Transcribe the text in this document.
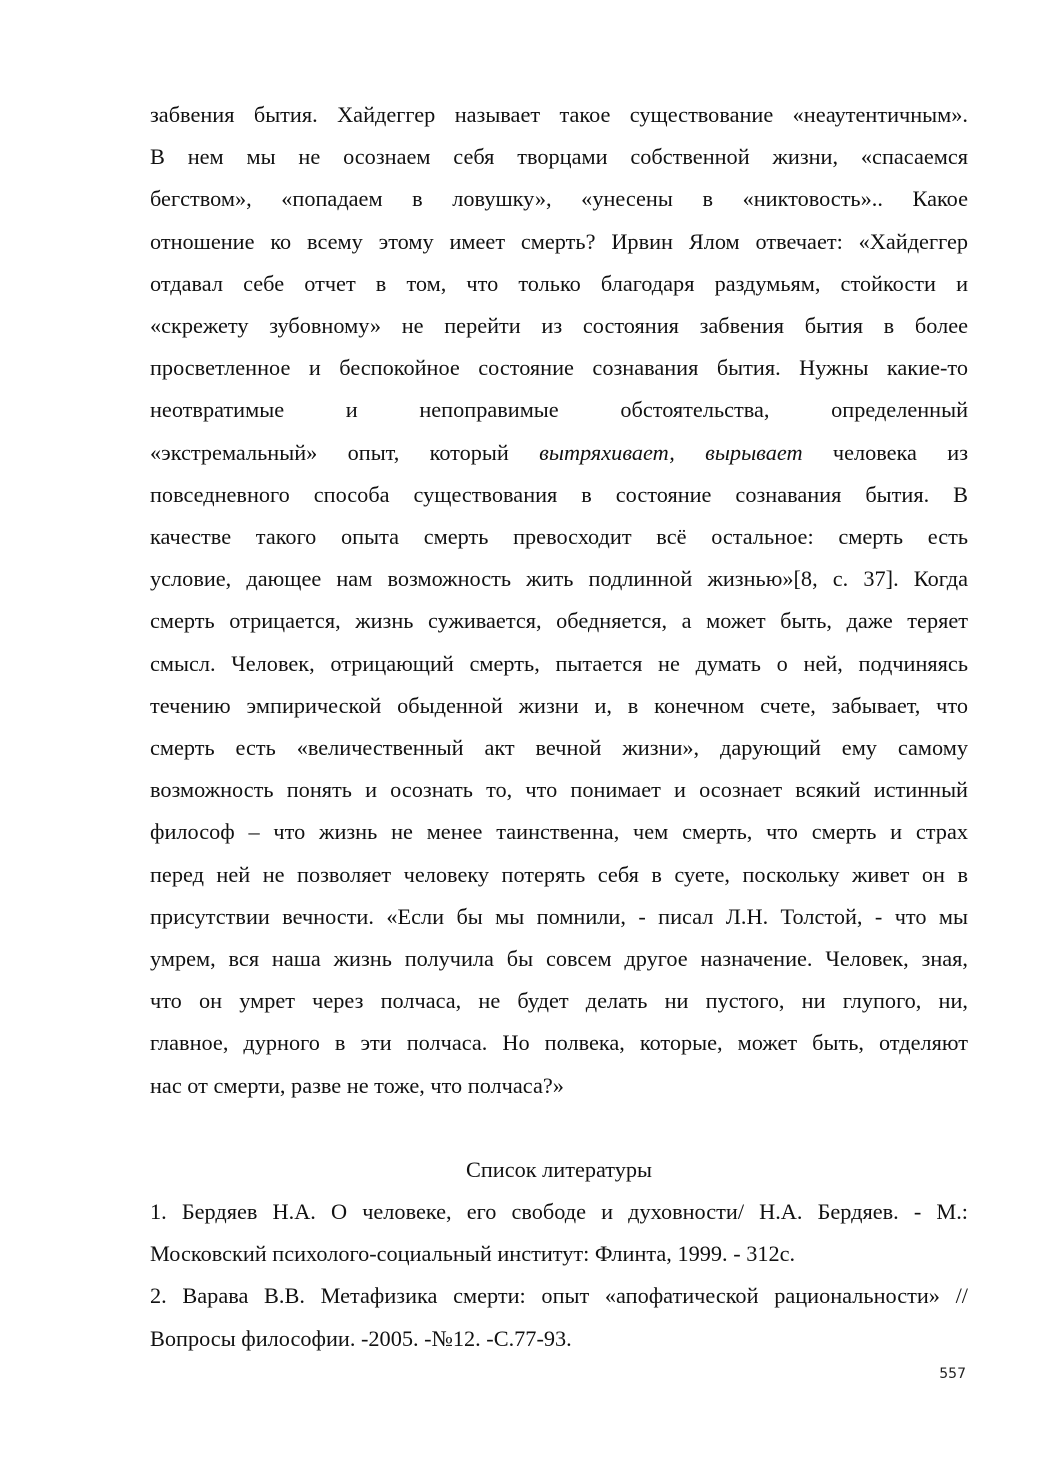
забвения бытия. Хайдеггер называет такое существование «неаутентичным».
В нем мы не осознаем себя творцами собственной жизни, «спасаемся
бегством», «попадаем в ловушку», «унесены в «никтовость».. Какое
отношение ко всему этому имеет смерть? Ирвин Ялом отвечает: «Хайдеггер
отдавал себе отчет в том, что только благодаря раздумьям, стойкости и
«скрежету зубовному» не перейти из состояния забвения бытия в более
просветленное и беспокойное состояние сознавания бытия. Нужны какие-то
неотвратимые и непоправимые обстоятельства, определенный
«экстремальный» опыт, который вытряхивает, вырывает человека из
повседневного способа существования в состояние сознавания бытия. В
качестве такого опыта смерть превосходит всё остальное: смерть есть
условие, дающее нам возможность жить подлинной жизнью»[8, с. 37]. Когда
смерть отрицается, жизнь суживается, обедняется, а может быть, даже теряет
смысл. Человек, отрицающий смерть, пытается не думать о ней, подчиняясь
течению эмпирической обыденной жизни и, в конечном счете, забывает, что
смерть есть «величественный акт вечной жизни», дарующий ему самому
возможность понять и осознать то, что понимает и осознает всякий истинный
философ – что жизнь не менее таинственна, чем смерть, что смерть и страх
перед ней не позволяет человеку потерять себя в суете, поскольку живет он в
присутствии вечности. «Если бы мы помнили, - писал Л.Н. Толстой, - что мы
умрем, вся наша жизнь получила бы совсем другое назначение. Человек, зная,
что он умрет через полчаса, не будет делать ни пустого, ни глупого, ни,
главное, дурного в эти полчаса. Но полвека, которые, может быть, отделяют
нас от смерти, разве не тоже, что полчаса?»

Список литературы

1. Бердяев Н.А. О человеке, его свободе и духовности/ Н.А. Бердяев. - М.:
Московский психолого-социальный институт: Флинта, 1999. - 312с.
2. Варава В.В. Метафизика смерти: опыт «апофатической рациональности» //
Вопросы философии. -2005. -№12. -С.77-93.
557
